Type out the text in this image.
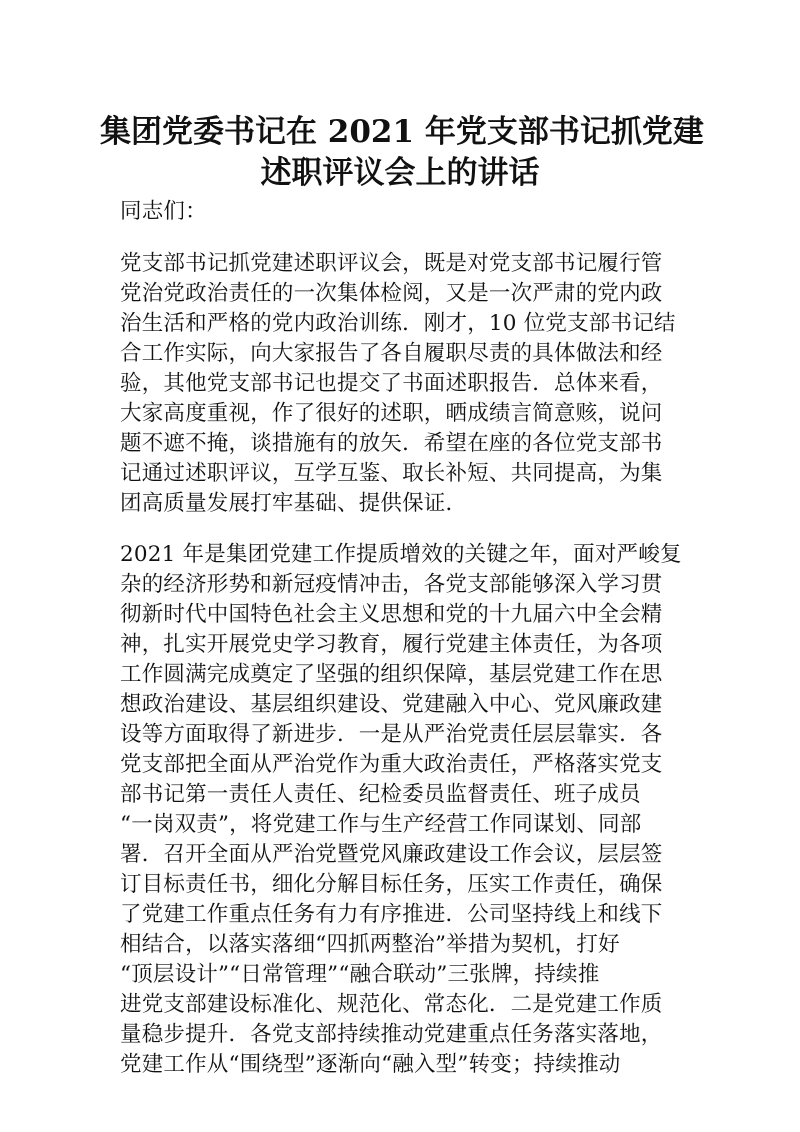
集团党委书记在 2021 年党支部书记抓党建
述职评议会上的讲话

同志们：

党支部书记抓党建述职评议会，既是对党支部书记履行管

党治党政治责任的一次集体检阅，又是一次严肃的党内政

治生活和严格的党内政治训练．刚才，10 位党支部书记结

合工作实际，向大家报告了各自履职尽责的具体做法和经

验，其他党支部书记也提交了书面述职报告．总体来看，

大家高度重视，作了很好的述职，晒成绩言简意赅，说问

题不遮不掩，谈措施有的放矢．希望在座的各位党支部书

记通过述职评议，互学互鉴、取长补短、共同提高，为集

团高质量发展打牢基础、提供保证．

2021 年是集团党建工作提质增效的关键之年，面对严峻复

杂的经济形势和新冠疫情冲击，各党支部能够深入学习贯

彻新时代中国特色社会主义思想和党的十九届六中全会精

神，扎实开展党史学习教育，履行党建主体责任，为各项

工作圆满完成奠定了坚强的组织保障，基层党建工作在思

想政治建设、基层组织建设、党建融入中心、党风廉政建

设等方面取得了新进步．一是从严治党责任层层靠实．各

党支部把全面从严治党作为重大政治责任，严格落实党支

部书记第一责任人责任、纪检委员监督责任、班子成员

“一岗双责”，将党建工作与生产经营工作同谋划、同部

署．召开全面从严治党暨党风廉政建设工作会议，层层签

订目标责任书，细化分解目标任务，压实工作责任，确保

了党建工作重点任务有力有序推进．公司坚持线上和线下

相结合，以落实落细“四抓两整治”举措为契机，打好

“顶层设计”“日常管理”“融合联动”三张牌，持续推

进党支部建设标准化、规范化、常态化．二是党建工作质

量稳步提升．各党支部持续推动党建重点任务落实落地，

党建工作从“围绕型”逐渐向“融入型”转变；持续推动
